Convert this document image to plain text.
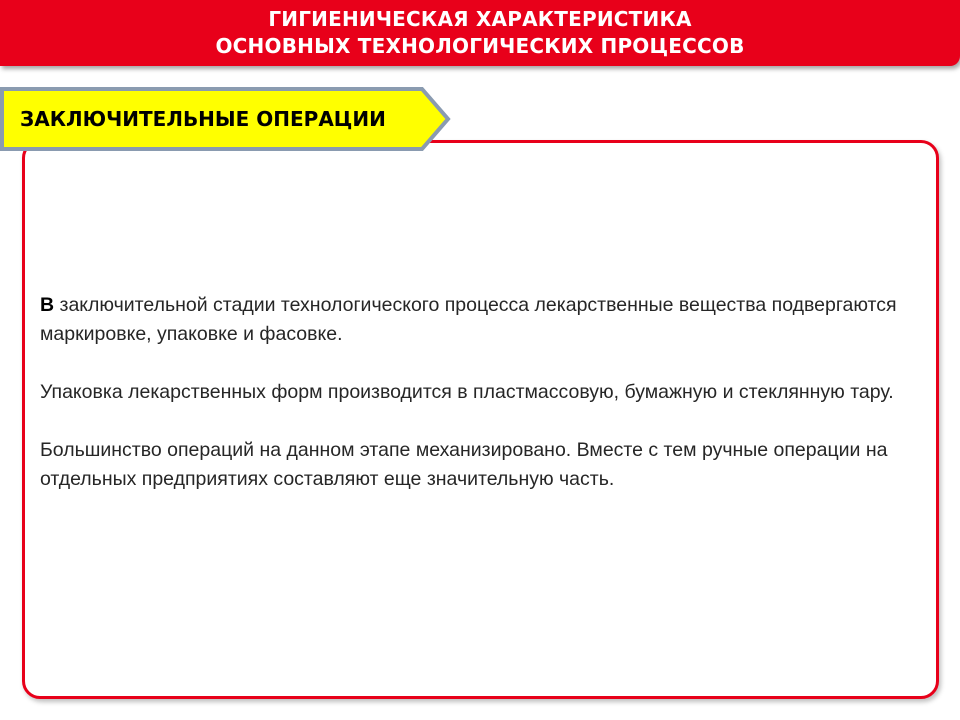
ГИГИЕНИЧЕСКАЯ ХАРАКТЕРИСТИКА
ОСНОВНЫХ ТЕХНОЛОГИЧЕСКИХ ПРОЦЕССОВ
ЗАКЛЮЧИТЕЛЬНЫЕ ОПЕРАЦИИ

В заключительной стадии технологического процесса лекарственные вещества подвергаются маркировке, упаковке и фасовке.

Упаковка лекарственных форм производится в пластмассовую, бумажную и стеклянную тару.

Большинство операций на данном этапе механизировано. Вместе с тем ручные операции на отдельных предприятиях составляют еще значительную часть.
